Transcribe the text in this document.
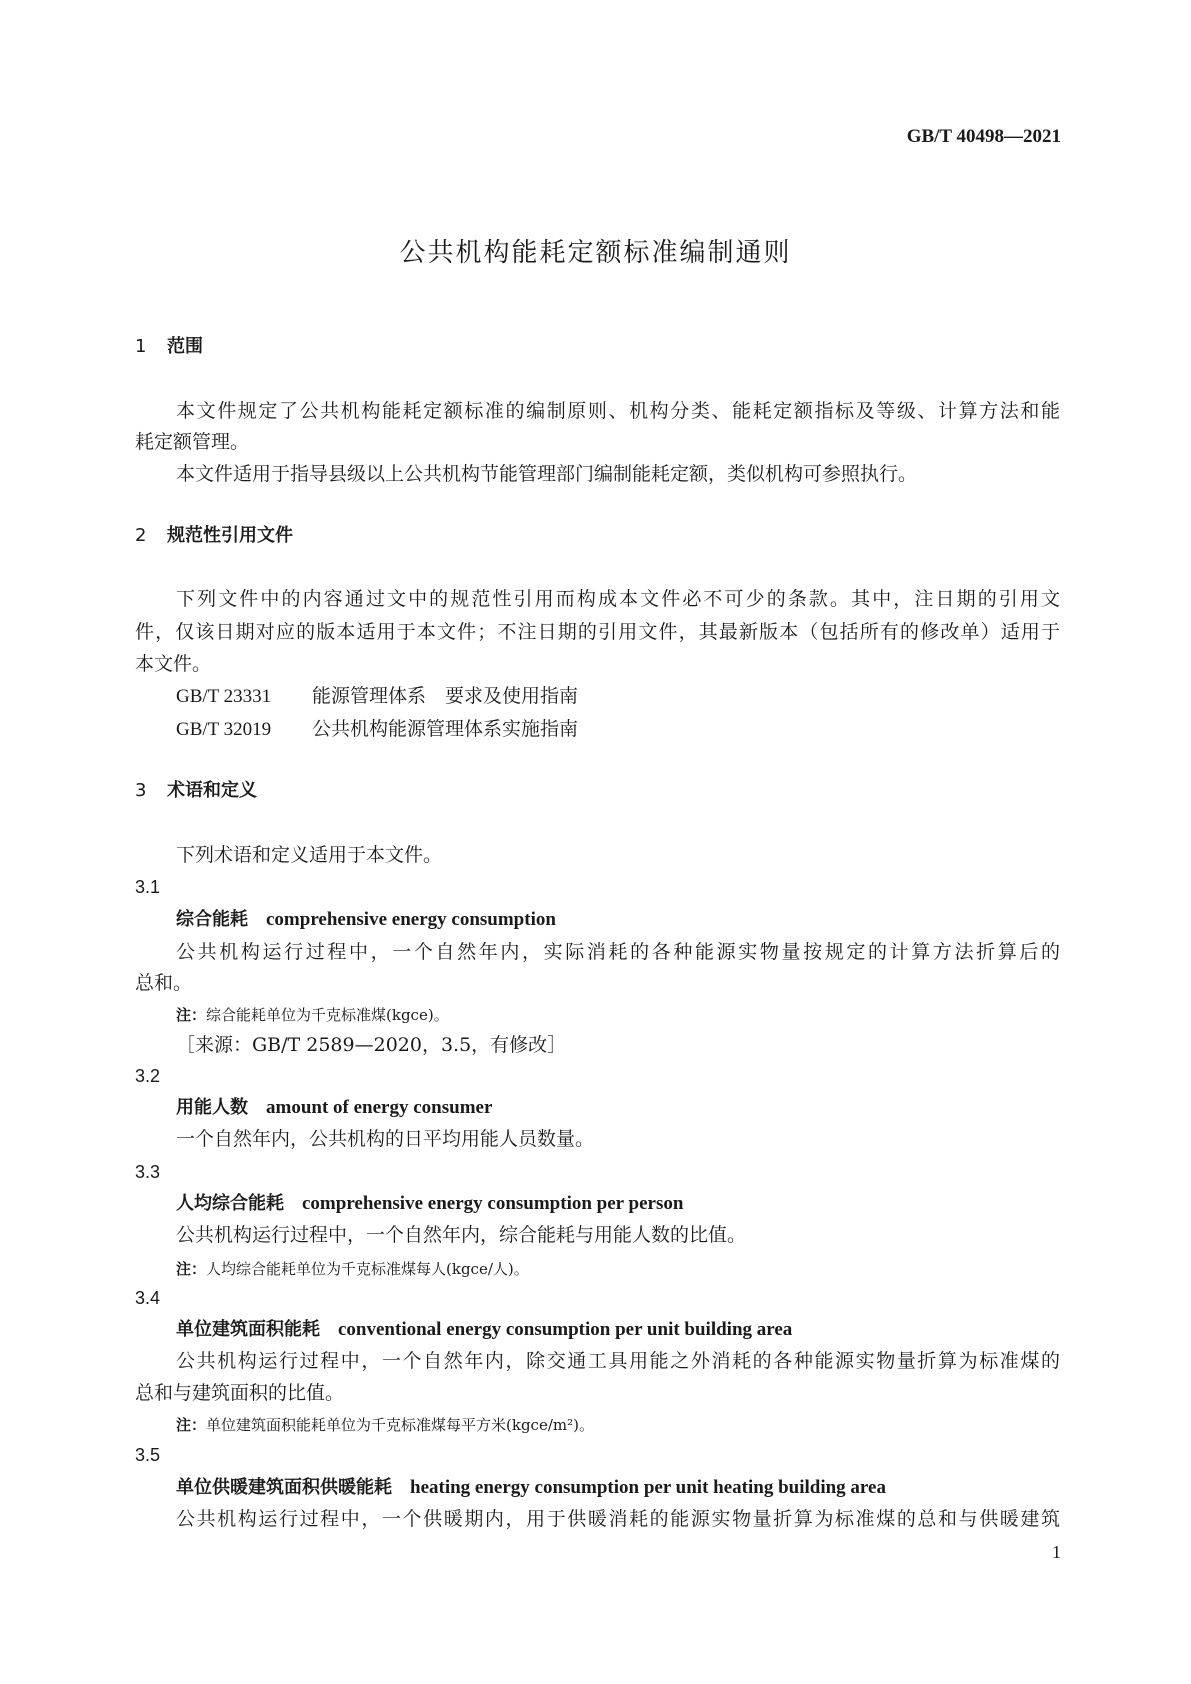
GB/T 40498—2021
公共机构能耗定额标准编制通则
1 范围
本文件规定了公共机构能耗定额标准的编制原则、机构分类、能耗定额指标及等级、计算方法和能
耗定额管理。
本文件适用于指导县级以上公共机构节能管理部门编制能耗定额，类似机构可参照执行。
2 规范性引用文件
下列文件中的内容通过文中的规范性引用而构成本文件必不可少的条款。其中，注日期的引用文
件，仅该日期对应的版本适用于本文件；不注日期的引用文件，其最新版本（包括所有的修改单）适用于
本文件。
GB/T 23331 能源管理体系　要求及使用指南
GB/T 32019 公共机构能源管理体系实施指南
3 术语和定义
下列术语和定义适用于本文件。
3.1
综合能耗 comprehensive energy consumption
公共机构运行过程中，一个自然年内，实际消耗的各种能源实物量按规定的计算方法折算后的
总和。
注：综合能耗单位为千克标准煤(kgce)。
［来源：GB/T 2589—2020，3.5，有修改］
3.2
用能人数 amount of energy consumer
一个自然年内，公共机构的日平均用能人员数量。
3.3
人均综合能耗 comprehensive energy consumption per person
公共机构运行过程中，一个自然年内，综合能耗与用能人数的比值。
注：人均综合能耗单位为千克标准煤每人(kgce/人)。
3.4
单位建筑面积能耗 conventional energy consumption per unit building area
公共机构运行过程中，一个自然年内，除交通工具用能之外消耗的各种能源实物量折算为标准煤的
总和与建筑面积的比值。
注：单位建筑面积能耗单位为千克标准煤每平方米(kgce/m²)。
3.5
单位供暖建筑面积供暖能耗 heating energy consumption per unit heating building area
公共机构运行过程中，一个供暖期内，用于供暖消耗的能源实物量折算为标准煤的总和与供暖建筑
1
